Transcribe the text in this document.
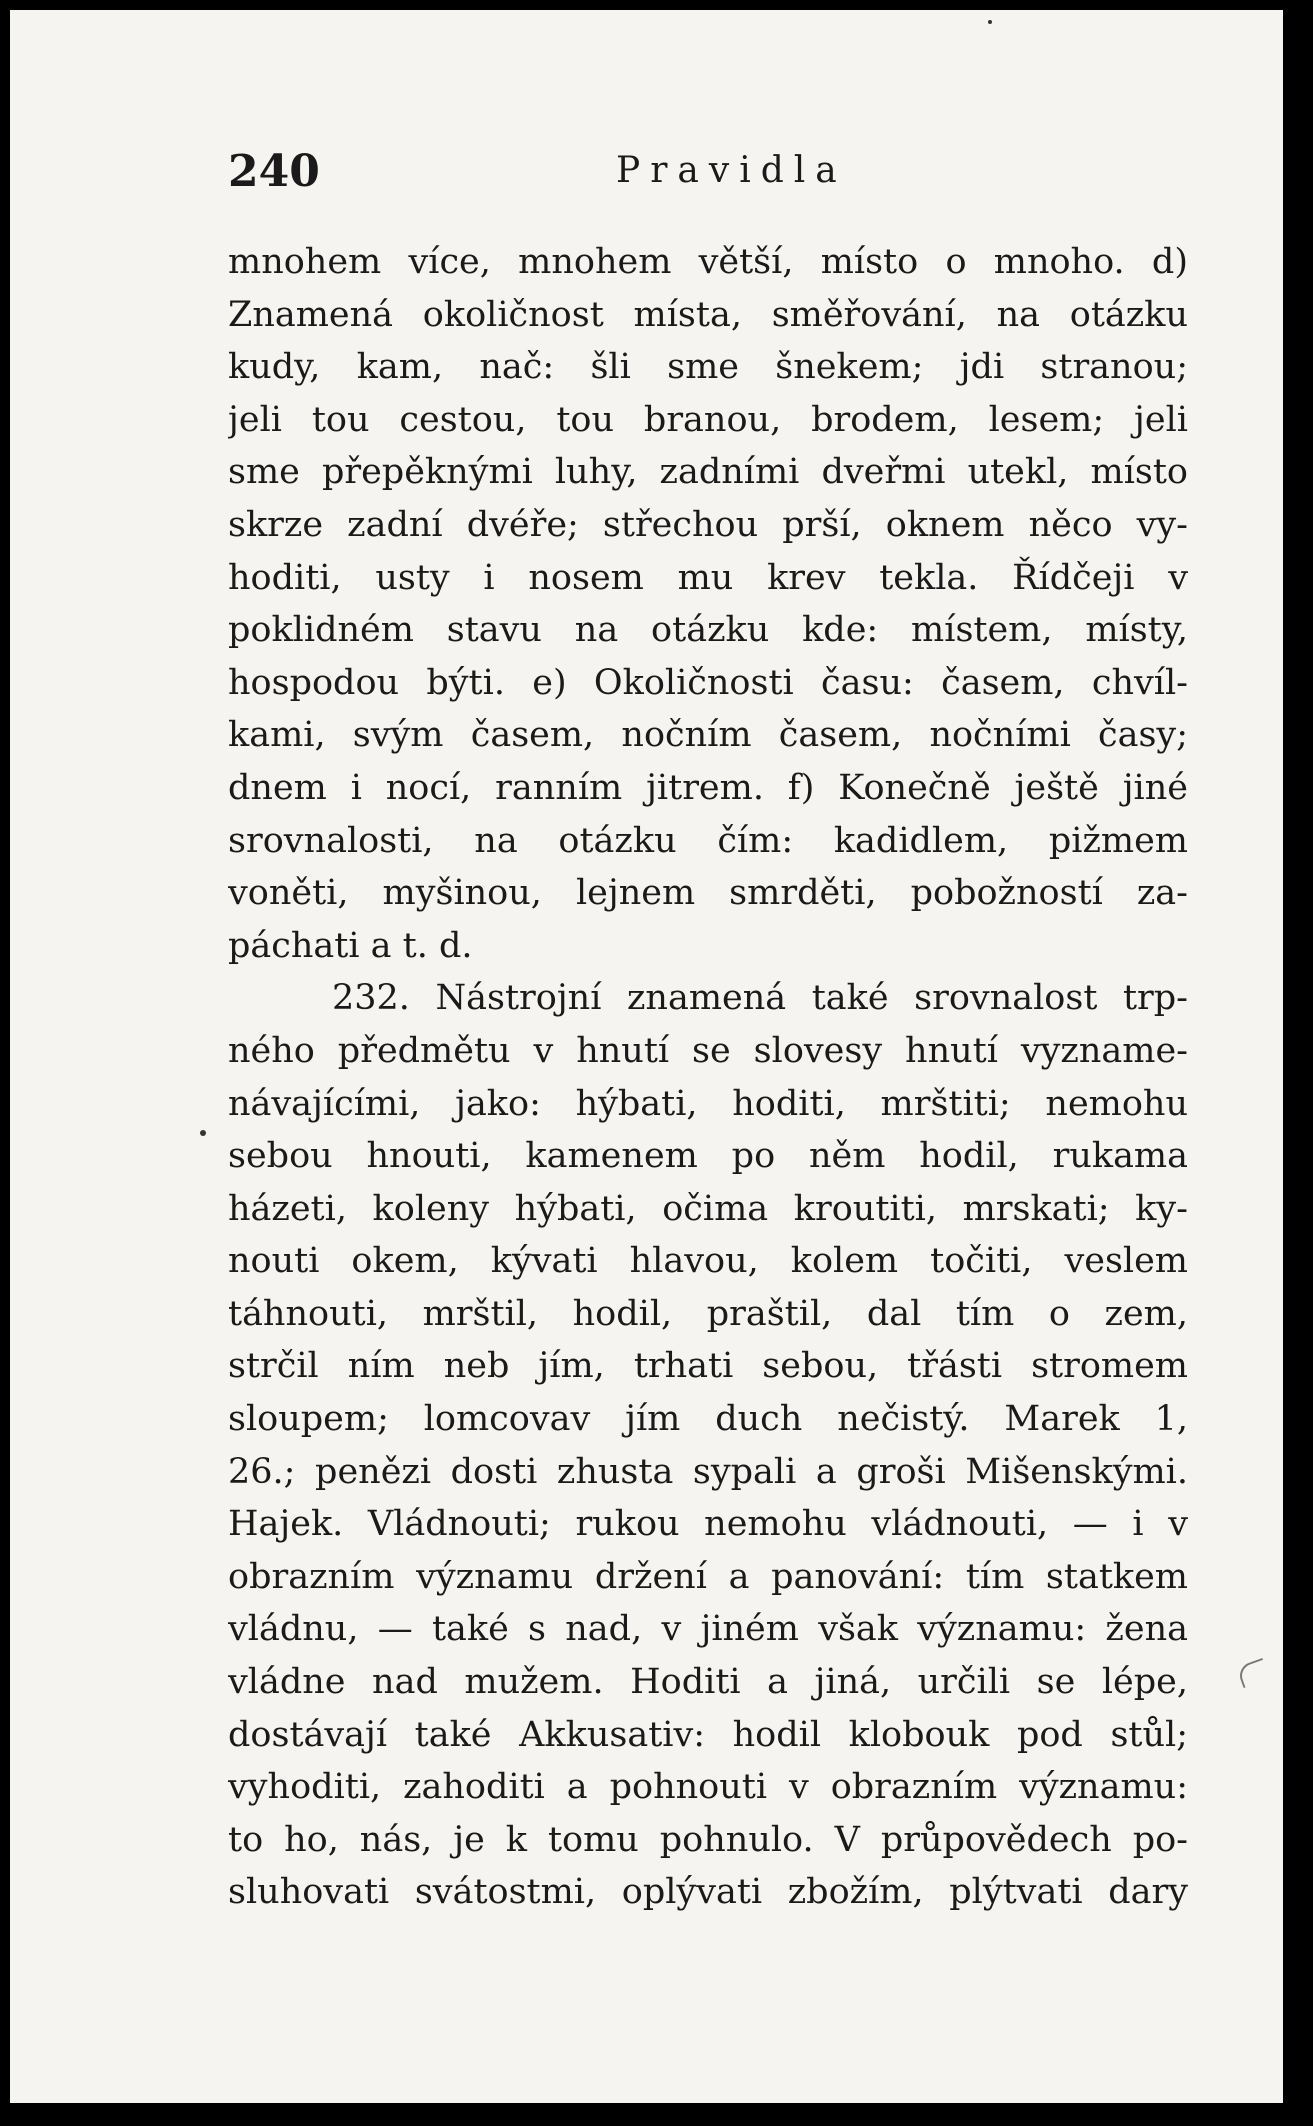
240	Pravidla
mnohem více, mnohem větší, místo o mnoho. d)
Znamená okoličnost místa, směřování, na otázku
kudy, kam, nač: šli sme šnekem; jdi stranou;
jeli tou cestou, tou branou, brodem, lesem; jeli
sme přepěknými luhy, zadními dveřmi utekl, místo
skrze zadní dvéře; střechou prší, oknem něco vy-
hoditi, usty i nosem mu krev tekla. Řídčeji v
poklidném stavu na otázku kde: místem, místy,
hospodou býti. e) Okoličnosti času: časem, chvíl-
kami, svým časem, nočním časem, nočními časy;
dnem i nocí, ranním jitrem. f) Konečně ještě jiné
srovnalosti, na otázku čím: kadidlem, pižmem
voněti, myšinou, lejnem smrděti, pobožností za-
páchati a t. d.
232. Nástrojní znamená také srovnalost trp-
ného předmětu v hnutí se slovesy hnutí vyzname-
návajícími, jako: hýbati, hoditi, mrštiti; nemohu
sebou hnouti, kamenem po něm hodil, rukama
házeti, koleny hýbati, očima kroutiti, mrskati; ky-
nouti okem, kývati hlavou, kolem točiti, veslem
táhnouti, mrštil, hodil, praštil, dal tím o zem,
strčil ním neb jím, trhati sebou, třásti stromem
sloupem; lomcovav jím duch nečistý. Marek 1,
26.; penězi dosti zhusta sypali a groši Mišenskými.
Hajek. Vládnouti; rukou nemohu vládnouti, — i v
obrazním významu držení a panování: tím statkem
vládnu, — také s nad, v jiném však významu: žena
vládne nad mužem. Hoditi a jiná, určili se lépe,
dostávají také Akkusativ: hodil klobouk pod stůl;
vyhoditi, zahoditi a pohnouti v obrazním významu:
to ho, nás, je k tomu pohnulo. V průpovědech po-
sluhovati svátostmi, oplývati zbožím, plýtvati dary
